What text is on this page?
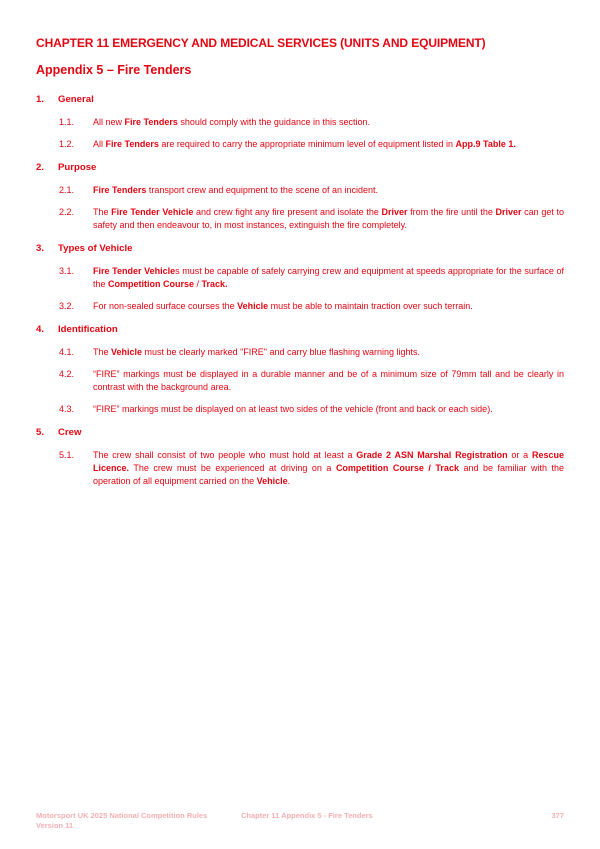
CHAPTER 11 EMERGENCY AND MEDICAL SERVICES (UNITS AND EQUIPMENT)
Appendix 5 – Fire Tenders
1. General
1.1. All new Fire Tenders should comply with the guidance in this section.
1.2. All Fire Tenders are required to carry the appropriate minimum level of equipment listed in App.9 Table 1.
2. Purpose
2.1. Fire Tenders transport crew and equipment to the scene of an incident.
2.2. The Fire Tender Vehicle and crew fight any fire present and isolate the Driver from the fire until the Driver can get to safety and then endeavour to, in most instances, extinguish the fire completely.
3. Types of Vehicle
3.1. Fire Tender Vehicles must be capable of safely carrying crew and equipment at speeds appropriate for the surface of the Competition Course / Track.
3.2. For non-sealed surface courses the Vehicle must be able to maintain traction over such terrain.
4. Identification
4.1. The Vehicle must be clearly marked "FIRE" and carry blue flashing warning lights.
4.2. “FIRE” markings must be displayed in a durable manner and be of a minimum size of 79mm tall and be clearly in contrast with the background area.
4.3. “FIRE” markings must be displayed on at least two sides of the vehicle (front and back or each side).
5. Crew
5.1. The crew shall consist of two people who must hold at least a Grade 2 ASN Marshal Registration or a Rescue Licence. The crew must be experienced at driving on a Competition Course / Track and be familiar with the operation of all equipment carried on the Vehicle.
Motorsport UK 2025 National Competition Rules
Version 11
Chapter 11 Appendix 5 - Fire Tenders	377
